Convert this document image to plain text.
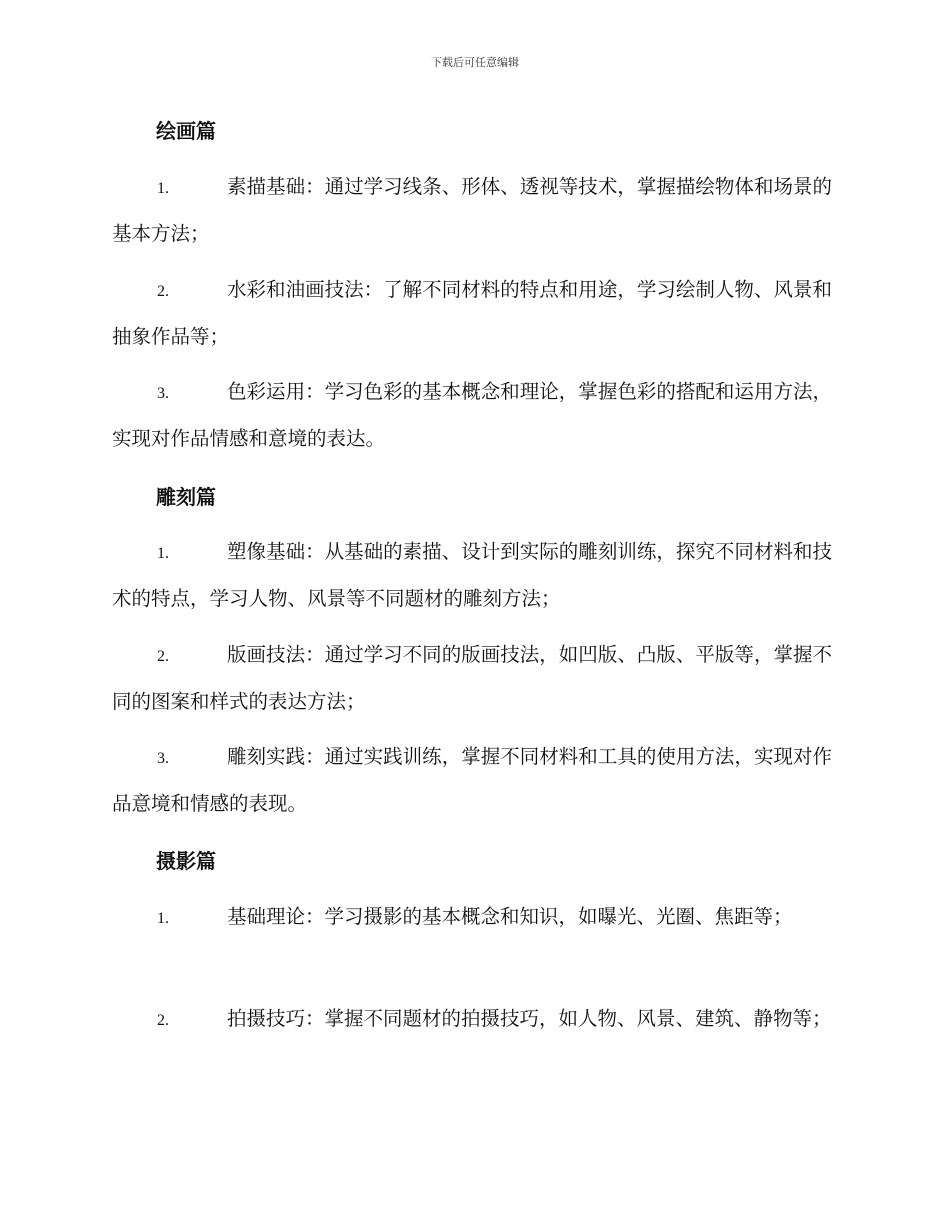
下载后可任意编辑
绘画篇
1.	素描基础：通过学习线条、形体、透视等技术，掌握描绘物体和场景的基本方法；
2.	水彩和油画技法：了解不同材料的特点和用途，学习绘制人物、风景和抽象作品等；
3.	色彩运用：学习色彩的基本概念和理论，掌握色彩的搭配和运用方法，实现对作品情感和意境的表达。
雕刻篇
1.	塑像基础：从基础的素描、设计到实际的雕刻训练，探究不同材料和技术的特点，学习人物、风景等不同题材的雕刻方法；
2.	版画技法：通过学习不同的版画技法，如凹版、凸版、平版等，掌握不同的图案和样式的表达方法；
3.	雕刻实践：通过实践训练，掌握不同材料和工具的使用方法，实现对作品意境和情感的表现。
摄影篇
1.	基础理论：学习摄影的基本概念和知识，如曝光、光圈、焦距等；
2.	拍摄技巧：掌握不同题材的拍摄技巧，如人物、风景、建筑、静物等；
